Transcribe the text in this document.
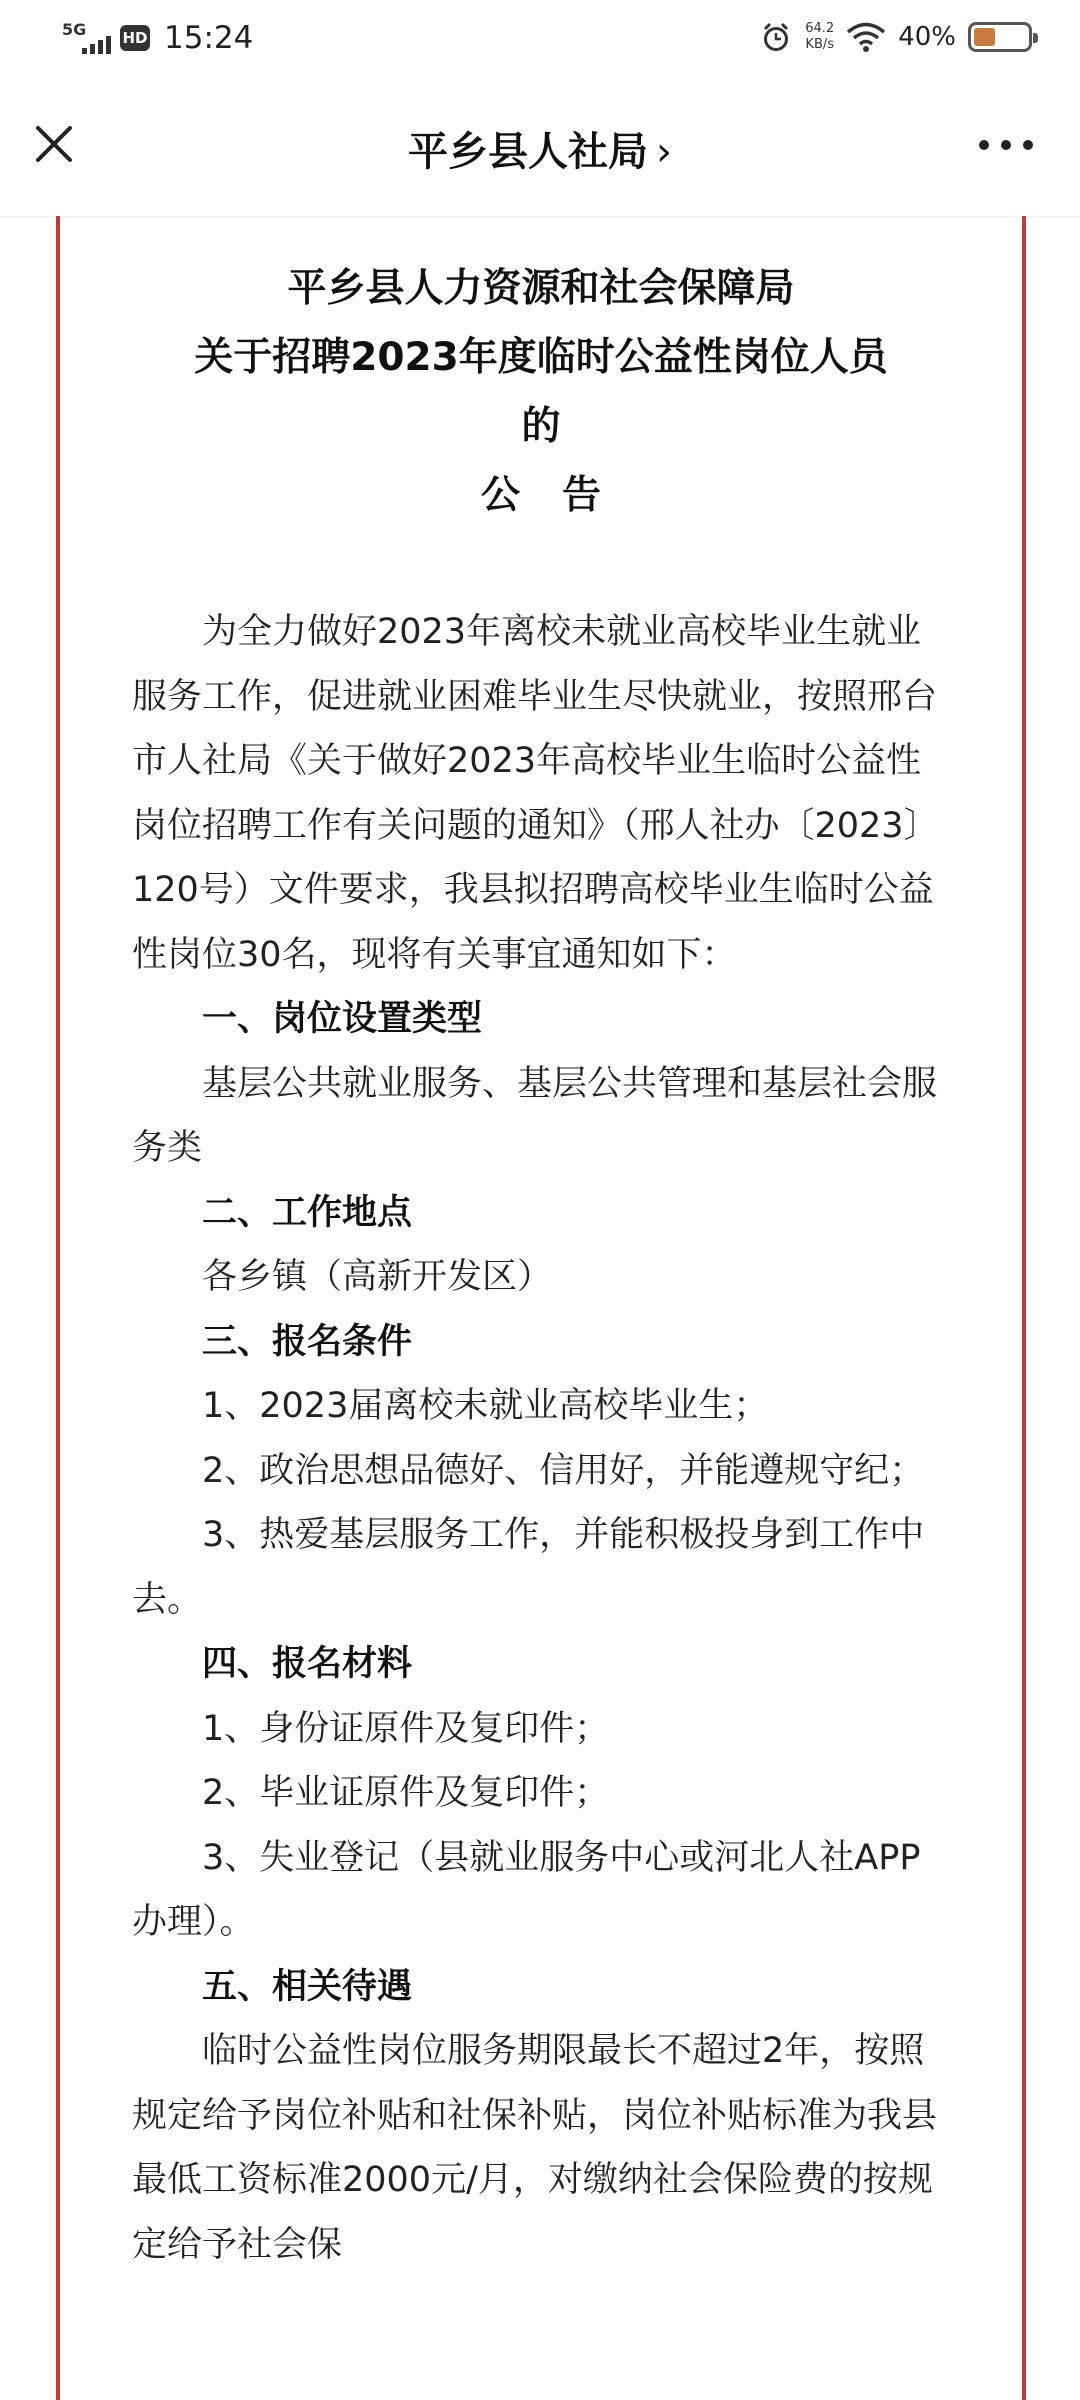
5G HD 15:24	64.2
KB/s 40%
平乡县人社局 ›
平乡县人力资源和社会保障局
关于招聘2023年度临时公益性岗位人员
的
公告

为全力做好2023年离校未就业高校毕业生就业服务工作，促进就业困难毕业生尽快就业，按照邢台市人社局《关于做好2023年高校毕业生临时公益性岗位招聘工作有关问题的通知》（邢人社办〔2023〕120号）文件要求，我县拟招聘高校毕业生临时公益性岗位30名，现将有关事宜通知如下：

一、岗位设置类型

基层公共就业服务、基层公共管理和基层社会服务类

二、工作地点

各乡镇（高新开发区）

三、报名条件

1、2023届离校未就业高校毕业生；

2、政治思想品德好、信用好，并能遵规守纪；

3、热爱基层服务工作，并能积极投身到工作中去。

四、报名材料

1、身份证原件及复印件；

2、毕业证原件及复印件；

3、失业登记（县就业服务中心或河北人社APP办理）。

五、相关待遇

临时公益性岗位服务期限最长不超过2年，按照规定给予岗位补贴和社保补贴，岗位补贴标准为我县最低工资标准2000元/月，对缴纳社会保险费的按规定给予社会保
